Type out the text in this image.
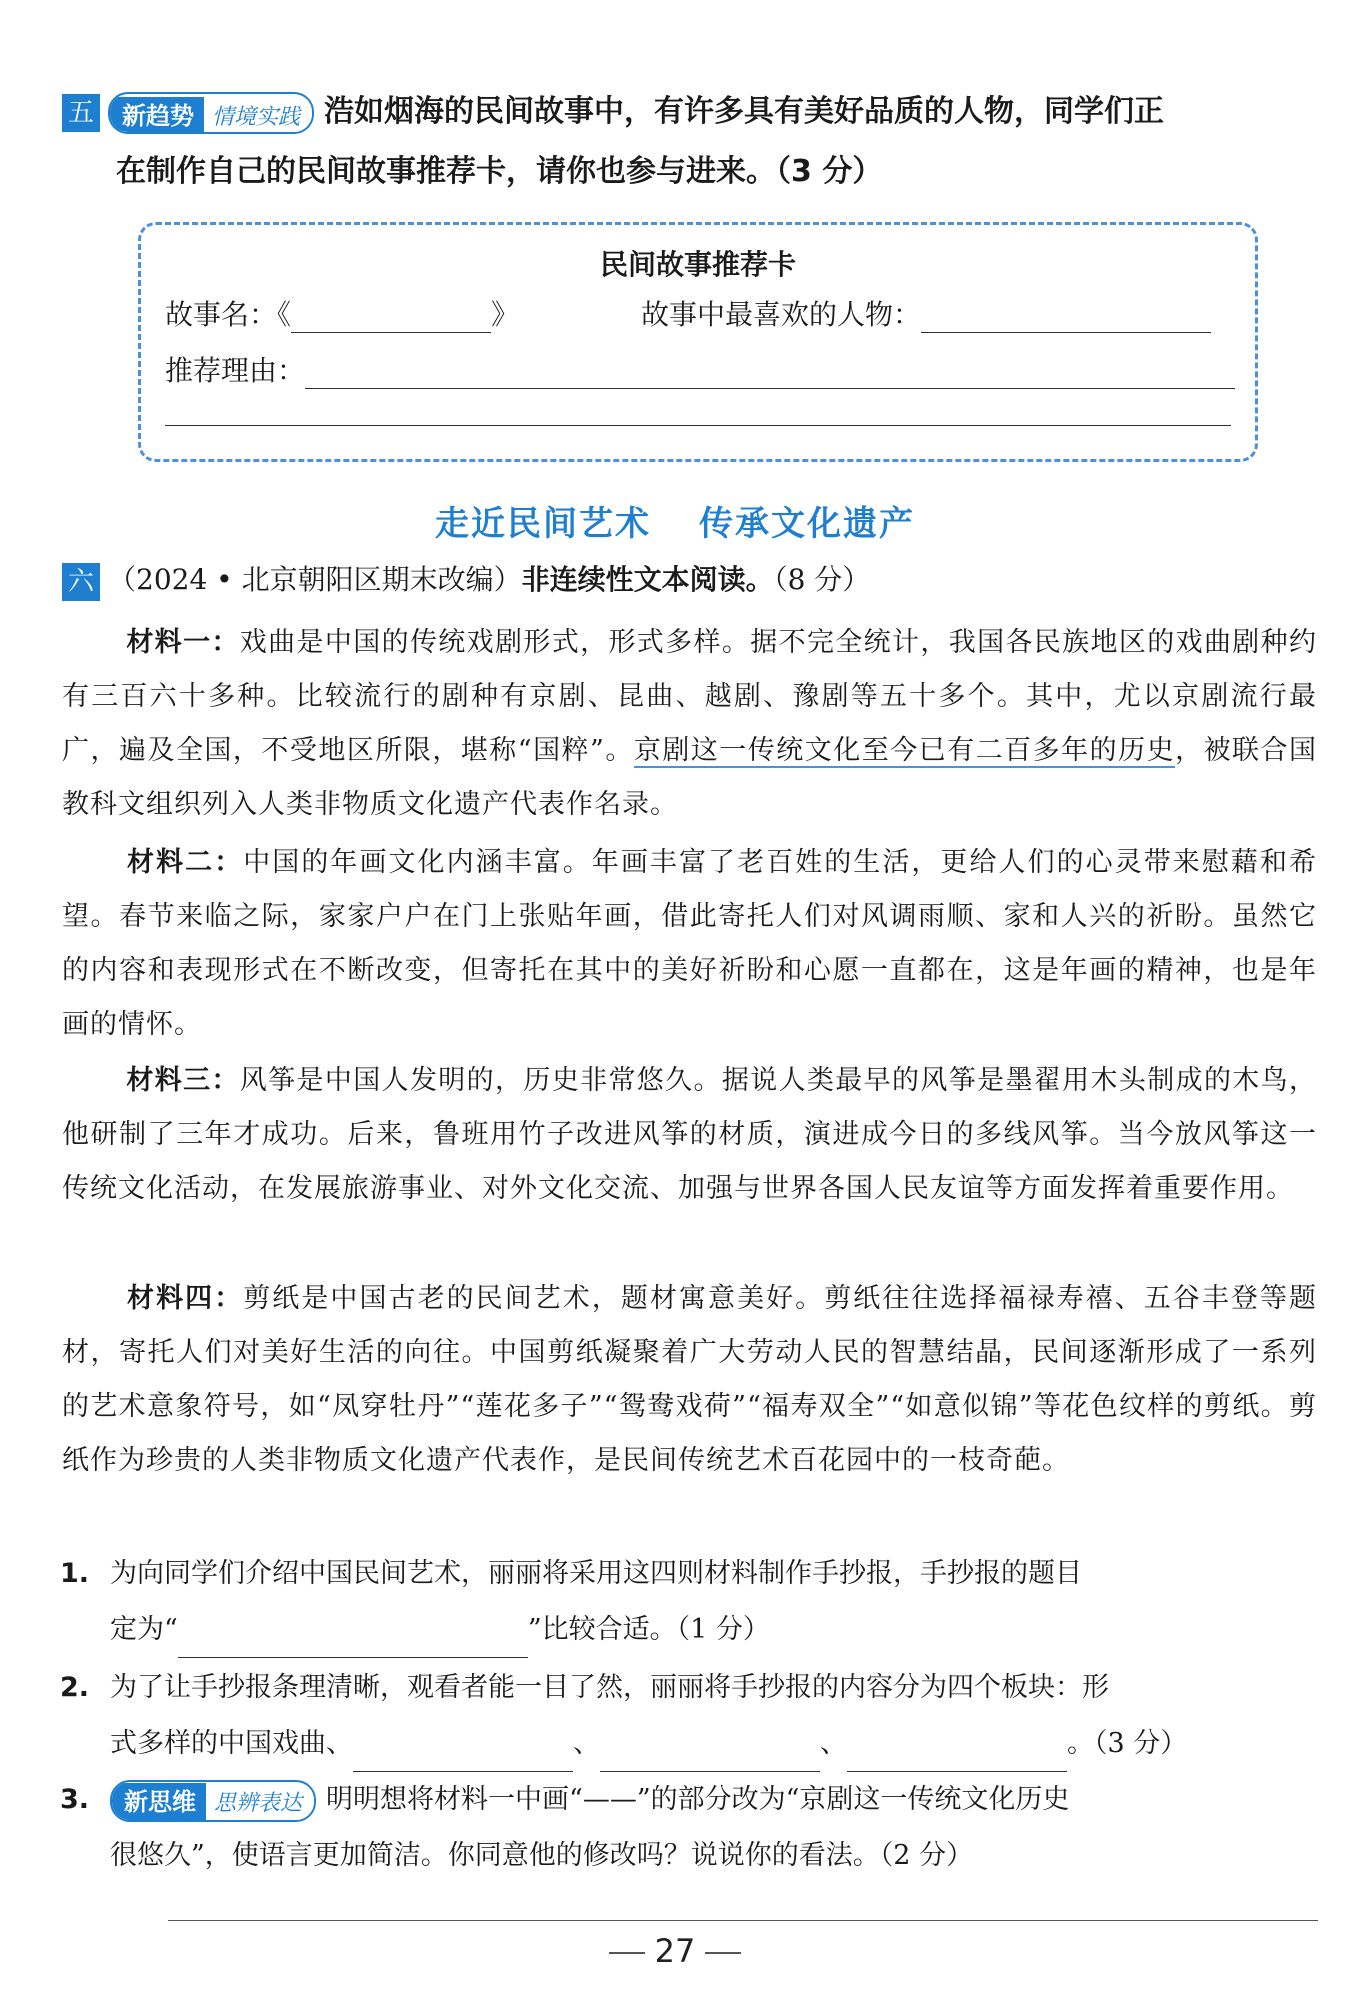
五 新趋势 情境实践 浩如烟海的民间故事中，有许多具有美好品质的人物，同学们正
在制作自己的民间故事推荐卡，请你也参与进来。（3 分）
民间故事推荐卡
故事名：《	》	故事中最喜欢的人物：
推荐理由：
走近民间艺术 传承文化遗产
六 （2024 • 北京朝阳区期末改编）非连续性文本阅读。（8 分）
材料一：戏曲是中国的传统戏剧形式，形式多样。据不完全统计，我国各民族地区的戏曲剧种约有三百六十多种。比较流行的剧种有京剧、昆曲、越剧、豫剧等五十多个。其中，尤以京剧流行最广，遍及全国，不受地区所限，堪称“国粹”。京剧这一传统文化至今已有二百多年的历史，被联合国教科文组织列入人类非物质文化遗产代表作名录。
材料二：中国的年画文化内涵丰富。年画丰富了老百姓的生活，更给人们的心灵带来慰藉和希望。春节来临之际，家家户户在门上张贴年画，借此寄托人们对风调雨顺、家和人兴的祈盼。虽然它的内容和表现形式在不断改变，但寄托在其中的美好祈盼和心愿一直都在，这是年画的精神，也是年画的情怀。
材料三：风筝是中国人发明的，历史非常悠久。据说人类最早的风筝是墨翟用木头制成的木鸟，他研制了三年才成功。后来，鲁班用竹子改进风筝的材质，演进成今日的多线风筝。当今放风筝这一传统文化活动，在发展旅游事业、对外文化交流、加强与世界各国人民友谊等方面发挥着重要作用。
材料四：剪纸是中国古老的民间艺术，题材寓意美好。剪纸往往选择福禄寿禧、五谷丰登等题材，寄托人们对美好生活的向往。中国剪纸凝聚着广大劳动人民的智慧结晶，民间逐渐形成了一系列的艺术意象符号，如“凤穿牡丹”“莲花多子”“鸳鸯戏荷”“福寿双全”“如意似锦”等花色纹样的剪纸。剪纸作为珍贵的人类非物质文化遗产代表作，是民间传统艺术百花园中的一枝奇葩。
1. 为向同学们介绍中国民间艺术，丽丽将采用这四则材料制作手抄报，手抄报的题目
定为“	”比较合适。（1 分）
2. 为了让手抄报条理清晰，观看者能一目了然，丽丽将手抄报的内容分为四个板块：形
式多样的中国戏曲、	、	、	。（3 分）
3.	新思维 思辨表达 明明想将材料一中画“——”的部分改为“京剧这一传统文化历史
很悠久”，使语言更加简洁。你同意他的修改吗？说说你的看法。（2 分）
27
